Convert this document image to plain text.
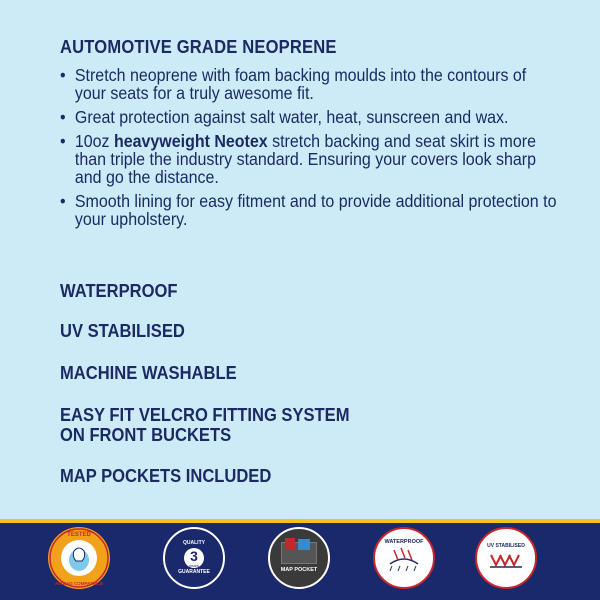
AUTOMOTIVE GRADE NEOPRENE
• Stretch neoprene with foam backing moulds into the contours of your seats for a truly awesome fit.
• Great protection against salt water, heat, sunscreen and wax.
• 10oz heavyweight Neotex stretch backing and seat skirt is more than triple the industry standard. Ensuring your covers look sharp and go the distance.
• Smooth lining for easy fitment and to provide additional protection to your upholstery.
WATERPROOF
UV STABILISED
MACHINE WASHABLE
EASY FIT VELCRO FITTING SYSTEM
ON FRONT BUCKETS
MAP POCKETS INCLUDED
TESTED
AIRBAG COMPATIBLE
QUALITY
3
years
GUARANTEE	MAP POCKET
WATERPROOF
UV STABILISED
